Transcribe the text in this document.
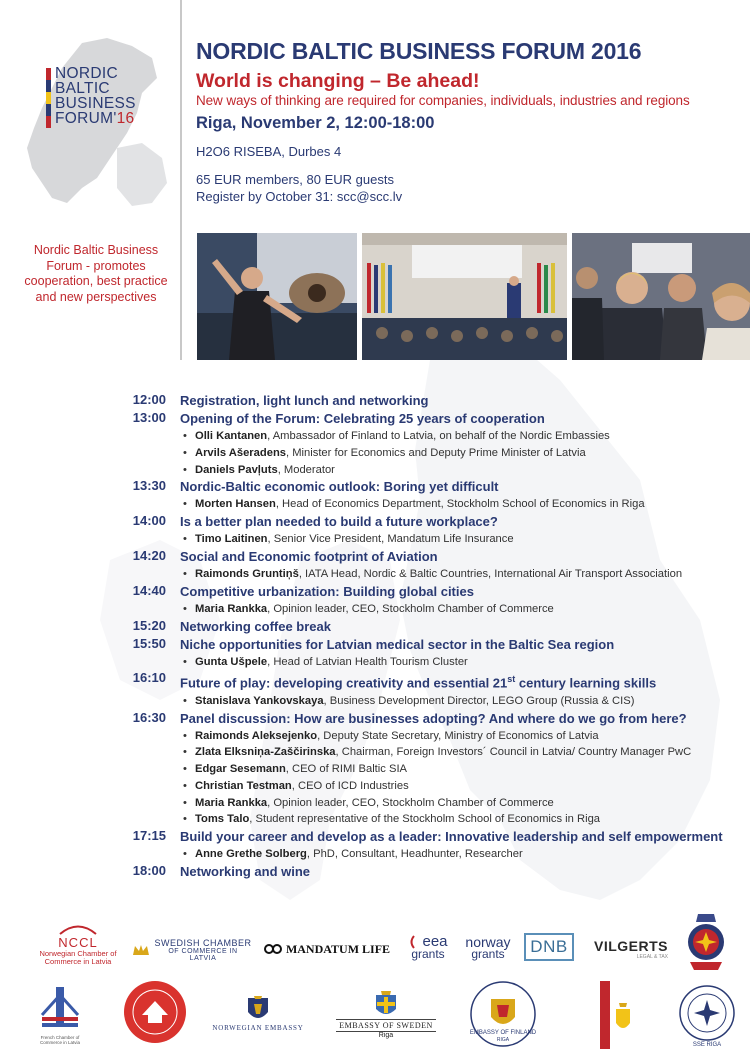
NORDIC
BALTIC
BUSINESS
FORUM'16
Nordic Baltic Business Forum - promotes cooperation, best practice and new perspectives
NORDIC BALTIC BUSINESS FORUM 2016
World is changing – Be ahead!
New ways of thinking are required for companies, individuals, industries and regions
Riga, November 2, 12:00-18:00
H2O6 RISEBA, Durbes 4
65 EUR members, 80 EUR guests
Register by October 31: scc@scc.lv
12:00 Registration, light lunch and networking
13:00 Opening of the Forum: Celebrating 25 years of cooperation
• Olli Kantanen, Ambassador of Finland to Latvia, on behalf of the Nordic Embassies
• Arvils Ašeradens, Minister for Economics and Deputy Prime Minister of Latvia
• Daniels Pavļuts, Moderator
13:30 Nordic-Baltic economic outlook: Boring yet difficult
• Morten Hansen, Head of Economics Department, Stockholm School of Economics in Riga
14:00 Is a better plan needed to build a future workplace?
• Timo Laitinen, Senior Vice President, Mandatum Life Insurance
14:20 Social and Economic footprint of Aviation
• Raimonds Gruntiņš, IATA Head, Nordic & Baltic Countries, International Air Transport Association
14:40 Competitive urbanization: Building global cities
• Maria Rankka, Opinion leader, CEO, Stockholm Chamber of Commerce
15:20 Networking coffee break
15:50 Niche opportunities for Latvian medical sector in the Baltic Sea region
• Gunta Ušpele, Head of Latvian Health Tourism Cluster
16:10 Future of play: developing creativity and essential 21st century learning skills
• Stanislava Yankovskaya, Business Development Director, LEGO Group (Russia & CIS)
16:30 Panel discussion: How are businesses adopting? And where do we go from here?
• Raimonds Aleksejenko, Deputy State Secretary, Ministry of Economics of Latvia
• Zlata Elksniņa-Zaščirinska, Chairman, Foreign Investors´ Council in Latvia/ Country Manager PwC
• Edgar Sesemann, CEO of RIMI Baltic SIA
• Christian Testman, CEO of ICD Industries
• Maria Rankka, Opinion leader, CEO, Stockholm Chamber of Commerce
• Toms Talo, Student representative of the Stockholm School of Economics in Riga
17:15 Build your career and develop as a leader: Innovative leadership and self empowerment
• Anne Grethe Solberg, PhD, Consultant, Headhunter, Researcher
18:00 Networking and wine
NCCL
Norwegian Chamber of Commerce in Latvia
SWEDISH CHAMBER
OF COMMERCE IN LATVIA
MANDATUM LIFE eea
grants
norway
grants DNB VILGERTS
LEGAL & TAX
French Chamber of Commerce in Latvia
NORWEGIAN EMBASSY	EMBASSY OF SWEDEN
Riga	EMBASSY OF FINLAND
RIGA
SSE RIGA
